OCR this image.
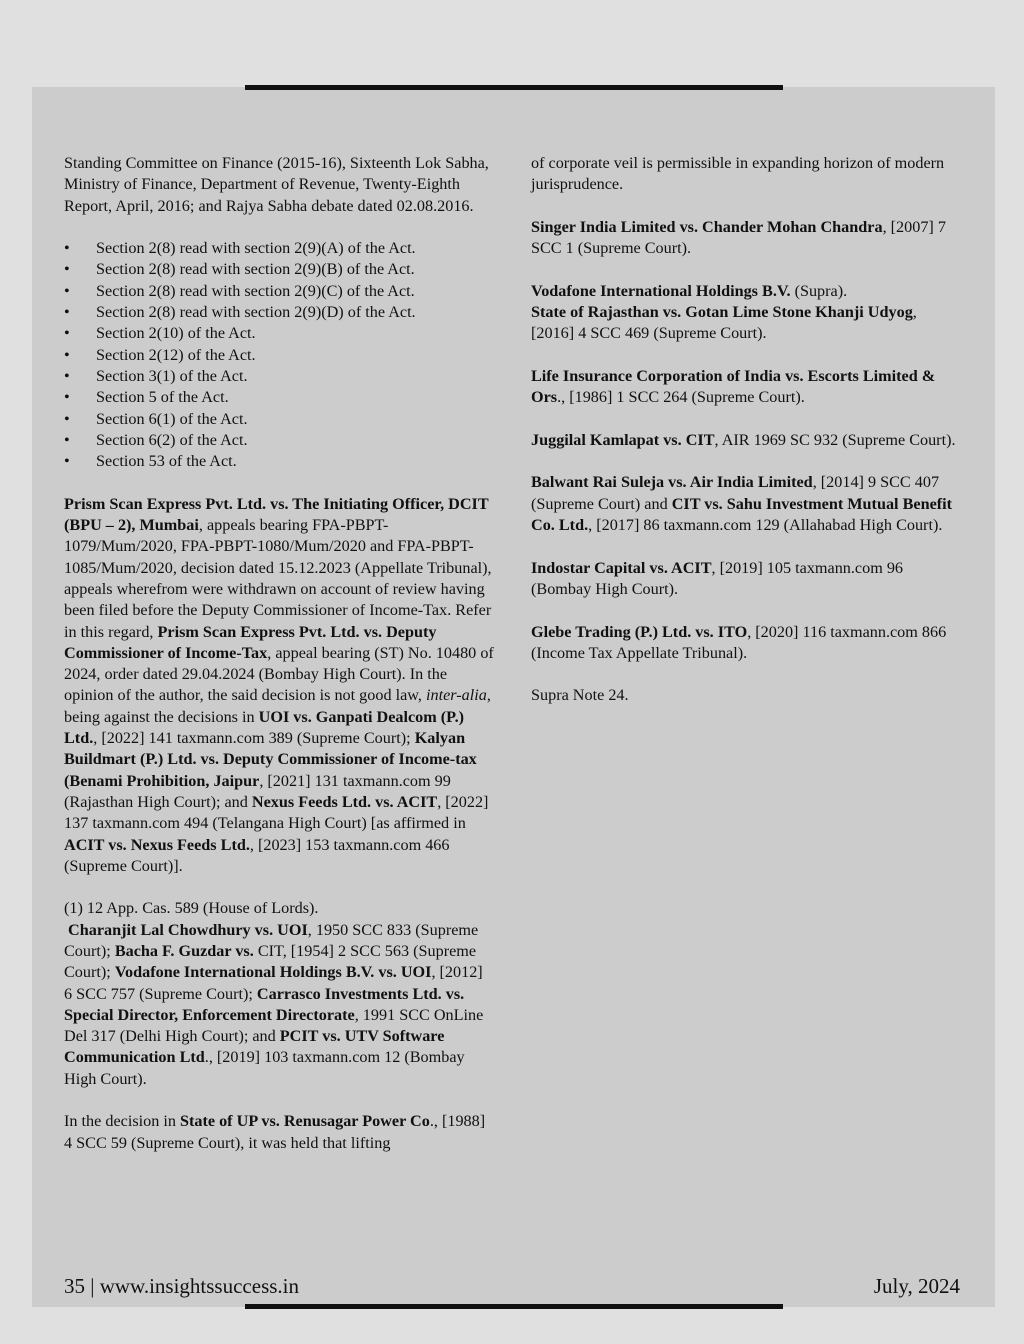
Standing Committee on Finance (2015-16), Sixteenth Lok Sabha, Ministry of Finance, Department of Revenue, Twenty-Eighth Report, April, 2016; and Rajya Sabha debate dated 02.08.2016.

• Section 2(8) read with section 2(9)(A) of the Act.
• Section 2(8) read with section 2(9)(B) of the Act.
• Section 2(8) read with section 2(9)(C) of the Act.
• Section 2(8) read with section 2(9)(D) of the Act.
• Section 2(10) of the Act.
• Section 2(12) of the Act.
• Section 3(1) of the Act.
• Section 5 of the Act.
• Section 6(1) of the Act.
• Section 6(2) of the Act.
• Section 53 of the Act.

Prism Scan Express Pvt. Ltd. vs. The Initiating Officer, DCIT (BPU – 2), Mumbai, appeals bearing FPA-PBPT-1079/Mum/2020, FPA-PBPT-1080/Mum/2020 and FPA-PBPT-1085/Mum/2020, decision dated 15.12.2023 (Appellate Tribunal), appeals wherefrom were withdrawn on account of review having been filed before the Deputy Commissioner of Income-Tax. Refer in this regard, Prism Scan Express Pvt. Ltd. vs. Deputy Commissioner of Income-Tax, appeal bearing (ST) No. 10480 of 2024, order dated 29.04.2024 (Bombay High Court). In the opinion of the author, the said decision is not good law, inter-alia, being against the decisions in UOI vs. Ganpati Dealcom (P.) Ltd., [2022] 141 taxmann.com 389 (Supreme Court); Kalyan Buildmart (P.) Ltd. vs. Deputy Commissioner of Income-tax (Benami Prohibition, Jaipur, [2021] 131 taxmann.com 99 (Rajasthan High Court); and Nexus Feeds Ltd. vs. ACIT, [2022] 137 taxmann.com 494 (Telangana High Court) [as affirmed in ACIT vs. Nexus Feeds Ltd., [2023] 153 taxmann.com 466 (Supreme Court)].

(1) 12 App. Cas. 589 (House of Lords).

Charanjit Lal Chowdhury vs. UOI, 1950 SCC 833 (Supreme Court); Bacha F. Guzdar vs. CIT, [1954] 2 SCC 563 (Supreme Court); Vodafone International Holdings B.V. vs. UOI, [2012] 6 SCC 757 (Supreme Court); Carrasco Investments Ltd. vs. Special Director, Enforcement Directorate, 1991 SCC OnLine Del 317 (Delhi High Court); and PCIT vs. UTV Software Communication Ltd., [2019] 103 taxmann.com 12 (Bombay High Court).

In the decision in State of UP vs. Renusagar Power Co., [1988] 4 SCC 59 (Supreme Court), it was held that lifting

of corporate veil is permissible in expanding horizon of modern jurisprudence.

Singer India Limited vs. Chander Mohan Chandra, [2007] 7 SCC 1 (Supreme Court).

Vodafone International Holdings B.V. (Supra).

State of Rajasthan vs. Gotan Lime Stone Khanji Udyog, [2016] 4 SCC 469 (Supreme Court).

Life Insurance Corporation of India vs. Escorts Limited & Ors., [1986] 1 SCC 264 (Supreme Court).

Juggilal Kamlapat vs. CIT, AIR 1969 SC 932 (Supreme Court).

Balwant Rai Suleja vs. Air India Limited, [2014] 9 SCC 407 (Supreme Court) and CIT vs. Sahu Investment Mutual Benefit Co. Ltd., [2017] 86 taxmann.com 129 (Allahabad High Court).

Indostar Capital vs. ACIT, [2019] 105 taxmann.com 96 (Bombay High Court).

Glebe Trading (P.) Ltd. vs. ITO, [2020] 116 taxmann.com 866 (Income Tax Appellate Tribunal).

Supra Note 24.

35 | www.insightssuccess.in	July, 2024
